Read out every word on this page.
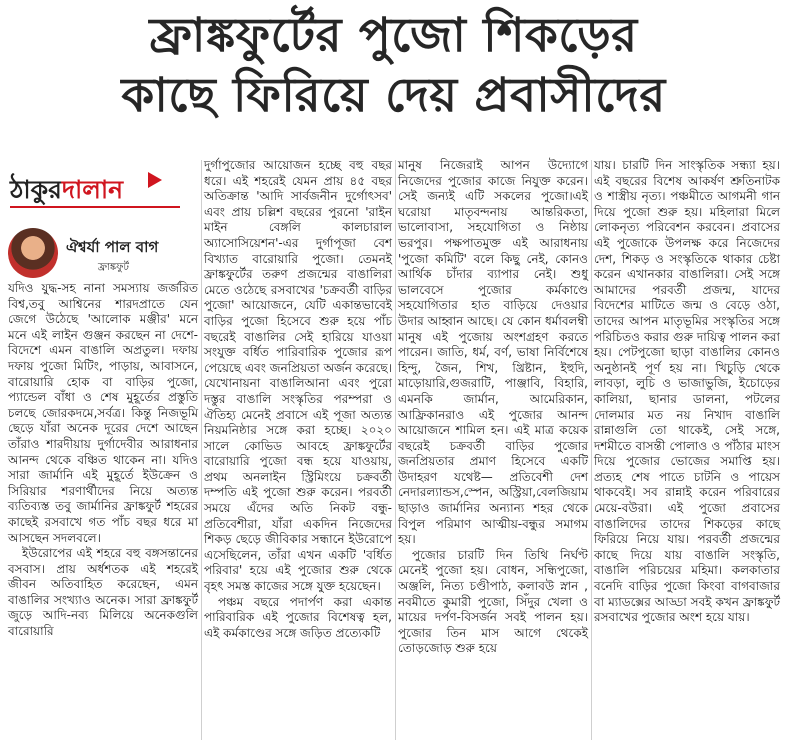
ফ্রাঙ্কফুর্টের পুজো শিকড়ের
কাছে ফিরিয়ে দেয় প্রবাসীদের
ঠাকুরদালান
ঐশ্বর্যা পাল বাগ
ফ্রাঙ্কফুর্ট

যদিও যুদ্ধ-সহ নানা সমস্যায় জর্জরিত বিশ্ব,তবু আশ্বিনের শারদপ্রাতে যেন জেগে উঠেছে 'আলোক মঞ্জীর' মনে মনে এই লাইন গুঞ্জন করছেন না দেশে-বিদেশে এমন বাঙালি অপ্রতুল। দফায় দফায় পুজো মিটিং, পাড়ায়, আবাসনে, বারোয়ারি হোক বা বাড়ির পুজো, প্যান্ডেল বাঁধা ও শেষ মুহূর্তের প্রস্তুতি চলছে জোরকদমে,সর্বত্র। কিন্তু নিজভূমি ছেড়ে যাঁরা অনেক দূরের দেশে আছেন তাঁরাও শারদীয়ায় দুর্গাদেবীর আরাধনার আনন্দ থেকে বঞ্চিত থাকেন না। যদিও সারা জার্মানি এই মুহূর্তে ইউক্রেন ও সিরিয়ার শরণার্থীদের নিয়ে অত্যন্ত ব্যতিব্যস্ত তবু জার্মানির ফ্রাঙ্কফুর্ট শহরের কাছেই রসবাখে গত পাঁচ বছর ধরে মা আসছেন সদলবলে।

ইউরোপের এই শহরে বহু বঙ্গসন্তানের বসবাস। প্রায় অর্ধশতক এই শহরেই জীবন অতিবাহিত করেছেন, এমন বাঙালির সংখ্যাও অনেক। সারা ফ্রাঙ্কফুর্ট জুড়ে আদি-নব্য মিলিয়ে অনেকগুলি বারোয়ারি

দুর্গাপুজোর আয়োজন হচ্ছে বহু বছর ধরে। এই শহরেই যেমন প্রায় ৪৫ বছর অতিক্রান্ত 'আদি সার্বজনীন দুর্গোৎসব' এবং প্রায় চল্লিশ বছরের পুরনো 'রাইন মাইন বেঙ্গলি কালচারাল অ্যাসোসিয়েশন'-এর দুর্গাপূজা বেশ বিখ্যাত বারোয়ারি পুজো। তেমনই ফ্রাঙ্কফুর্টের তরুণ প্রজন্মের বাঙালিরা মেতে ওঠেছে রসবাখের 'চক্রবর্তী বাড়ির পুজো' আয়োজনে, যেটি একান্তভাবেই বাড়ির পুজো হিসেবে শুরু হয়ে পাঁচ বছরেই বাঙালির সেই হারিয়ে যাওয়া সংযুক্ত বর্ধিত পারিবারিক পুজোর রূপ পেয়েছে এবং জনপ্রিয়তা অর্জন করেছে। যেখোনায়না বাঙালিআনা এবং পুরো দস্তুর বাঙালি সংস্কৃতির পরম্পরা ও ঐতিহ্য মেনেই প্রবাসে এই পূজা অত্যন্ত নিয়মনিষ্ঠার সঙ্গে করা হচ্ছে। ২০২০ সালে কোভিড আবহে ফ্রাঙ্কফুর্টের বারোয়ারি পুজো বন্ধ হয়ে যাওয়ায়, প্রথম অনলাইন স্ট্রিমিংয়ে চক্রবর্তী দম্পতি এই পুজো শুরু করেন। পরবর্তী সময়ে এঁদের অতি নিকট বন্ধু-প্রতিবেশীরা, যাঁরা একদিন নিজেদের শিকড় ছেড়ে জীবিকার সন্ধানে ইউরোপে এসেছিলেন, তাঁরা এখন একটি 'বর্ধিত পরিবার' হয়ে এই পুজোর শুরু থেকে বৃহৎ সমস্ত কাজের সঙ্গে যুক্ত হয়েছেন।

পঞ্চম বছরে পদার্পণ করা একান্ত পারিবারিক এই পুজোর বিশেষত্ব হল, এই কর্মকাণ্ডের সঙ্গে জড়িত প্রত্যেকটি

মানুষ নিজেরাই আপন উদ্যোগে নিজেদের পুজোর কাজে নিযুক্ত করেন। সেই জন্যই এটি সকলের পুজো।এই ঘরোয়া মাতৃবন্দনায় আন্তরিকতা, ভালোবাসা, সহযোগিতা ও নিষ্ঠায় ভরপুর। পক্ষপাতমুক্ত এই আরাধনায় 'পুজো কমিটি' বলে কিছু নেই, কোনও আর্থিক চাঁদার ব্যাপার নেই। শুধু ভালবেসে পুজোর কর্মকাণ্ডে সহযোগিতার হাত বাড়িয়ে দেওয়ার উদার আহ্বান আছে। যে কোন ধর্মাবলম্বী মানুষ এই পুজোয় অংশগ্রহণ করতে পারেন। জাতি, ধর্ম, বর্ণ, ভাষা নির্বিশেষে হিন্দু, জৈন, শিখ, খ্রিষ্টান, ইহুদি, মাড়োয়ারি,গুজরাটি, পাঞ্জাবি, বিহারি, এমনকি জার্মান, আমেরিকান, আফ্রিকানরাও এই পুজোর আনন্দ আয়োজনে শামিল হন। এই মাত্র কয়েক বছরেই চক্রবর্তী বাড়ির পুজোর জনপ্রিয়তার প্রমাণ হিসেবে একটি উদাহরণ যথেষ্ট— প্রতিবেশী দেশ নেদারল্যান্ডস,স্পেন, অস্ট্রিয়া,বেলজিয়াম ছাড়াও জার্মানির অন্যান্য শহর থেকে বিপুল পরিমাণ আত্মীয়-বন্ধুর সমাগম হয়।

পুজোর চারটি দিন তিথি নির্ঘণ্ট মেনেই পুজো হয়। বোধন, সন্ধিপুজো, অঞ্জলি, নিত্য চণ্ডীপাঠ, কলাবউ স্নান , নবমীতে কুমারী পুজো, সিঁদুর খেলা ও মায়ের দর্পণ-বিসর্জন সবই পালন হয়। পুজোর তিন মাস আগে থেকেই তোড়জোড় শুরু হয়ে

যায়। চারটি দিন সাংস্কৃতিক সন্ধ্যা হয়। এই বছরের বিশেষ আকর্ষণ শ্রুতিনাটক ও শাস্ত্রীয় নৃত্য। পঞ্চমীতে আগমনী গান দিয়ে পুজো শুরু হয়। মহিলারা মিলে লোকনৃত্য পরিবেশন করবেন। প্রবাসের এই পুজোকে উপলক্ষ করে নিজেদের দেশ, শিকড় ও সংস্কৃতিকে থাকার চেষ্টা করেন এখানকার বাঙালিরা। সেই সঙ্গে আমাদের পরবর্তী প্রজন্ম, যাদের বিদেশের মাটিতে জন্ম ও বেড়ে ওঠা, তাদের আপন মাতৃভূমির সংস্কৃতির সঙ্গে পরিচিতও করার গুরু দায়িত্ব পালন করা হয়। পেটপুজো ছাড়া বাঙালির কোনও অনুষ্ঠানই পূর্ণ হয় না। খিচুড়ি থেকে লাবড়া, লুচি ও ভাজাভুজি, ইচোড়ের কালিয়া, ছানার ডালনা, পটলের দোলমার মত নয় নিখাদ বাঙালি রান্নাগুলি তো থাকেই, সেই সঙ্গে, দশমীতে বাসন্তী পোলাও ও পাঁঠার মাংস দিয়ে পুজোর ভোজের সমাপ্তি হয়। প্রত্যহ শেষ পাতে চাটনি ও পায়েস থাকবেই। সব রান্নাই করেন পরিবারের মেয়ে-বউরা। এই পুজো প্রবাসের বাঙালিদের তাদের শিকড়ের কাছে ফিরিয়ে নিয়ে যায়। পরবর্তী প্রজন্মের কাছে দিয়ে যায় বাঙালি সংস্কৃতি, বাঙালি পরিচয়ের মহিমা। কলকাতার বনেদি বাড়ির পুজো কিংবা বাগবাজার বা ম্যাডক্সের আড্ডা সবই কখন ফ্রাঙ্কফুর্ট রসবাখের পুজোর অংশ হয়ে যায়।
